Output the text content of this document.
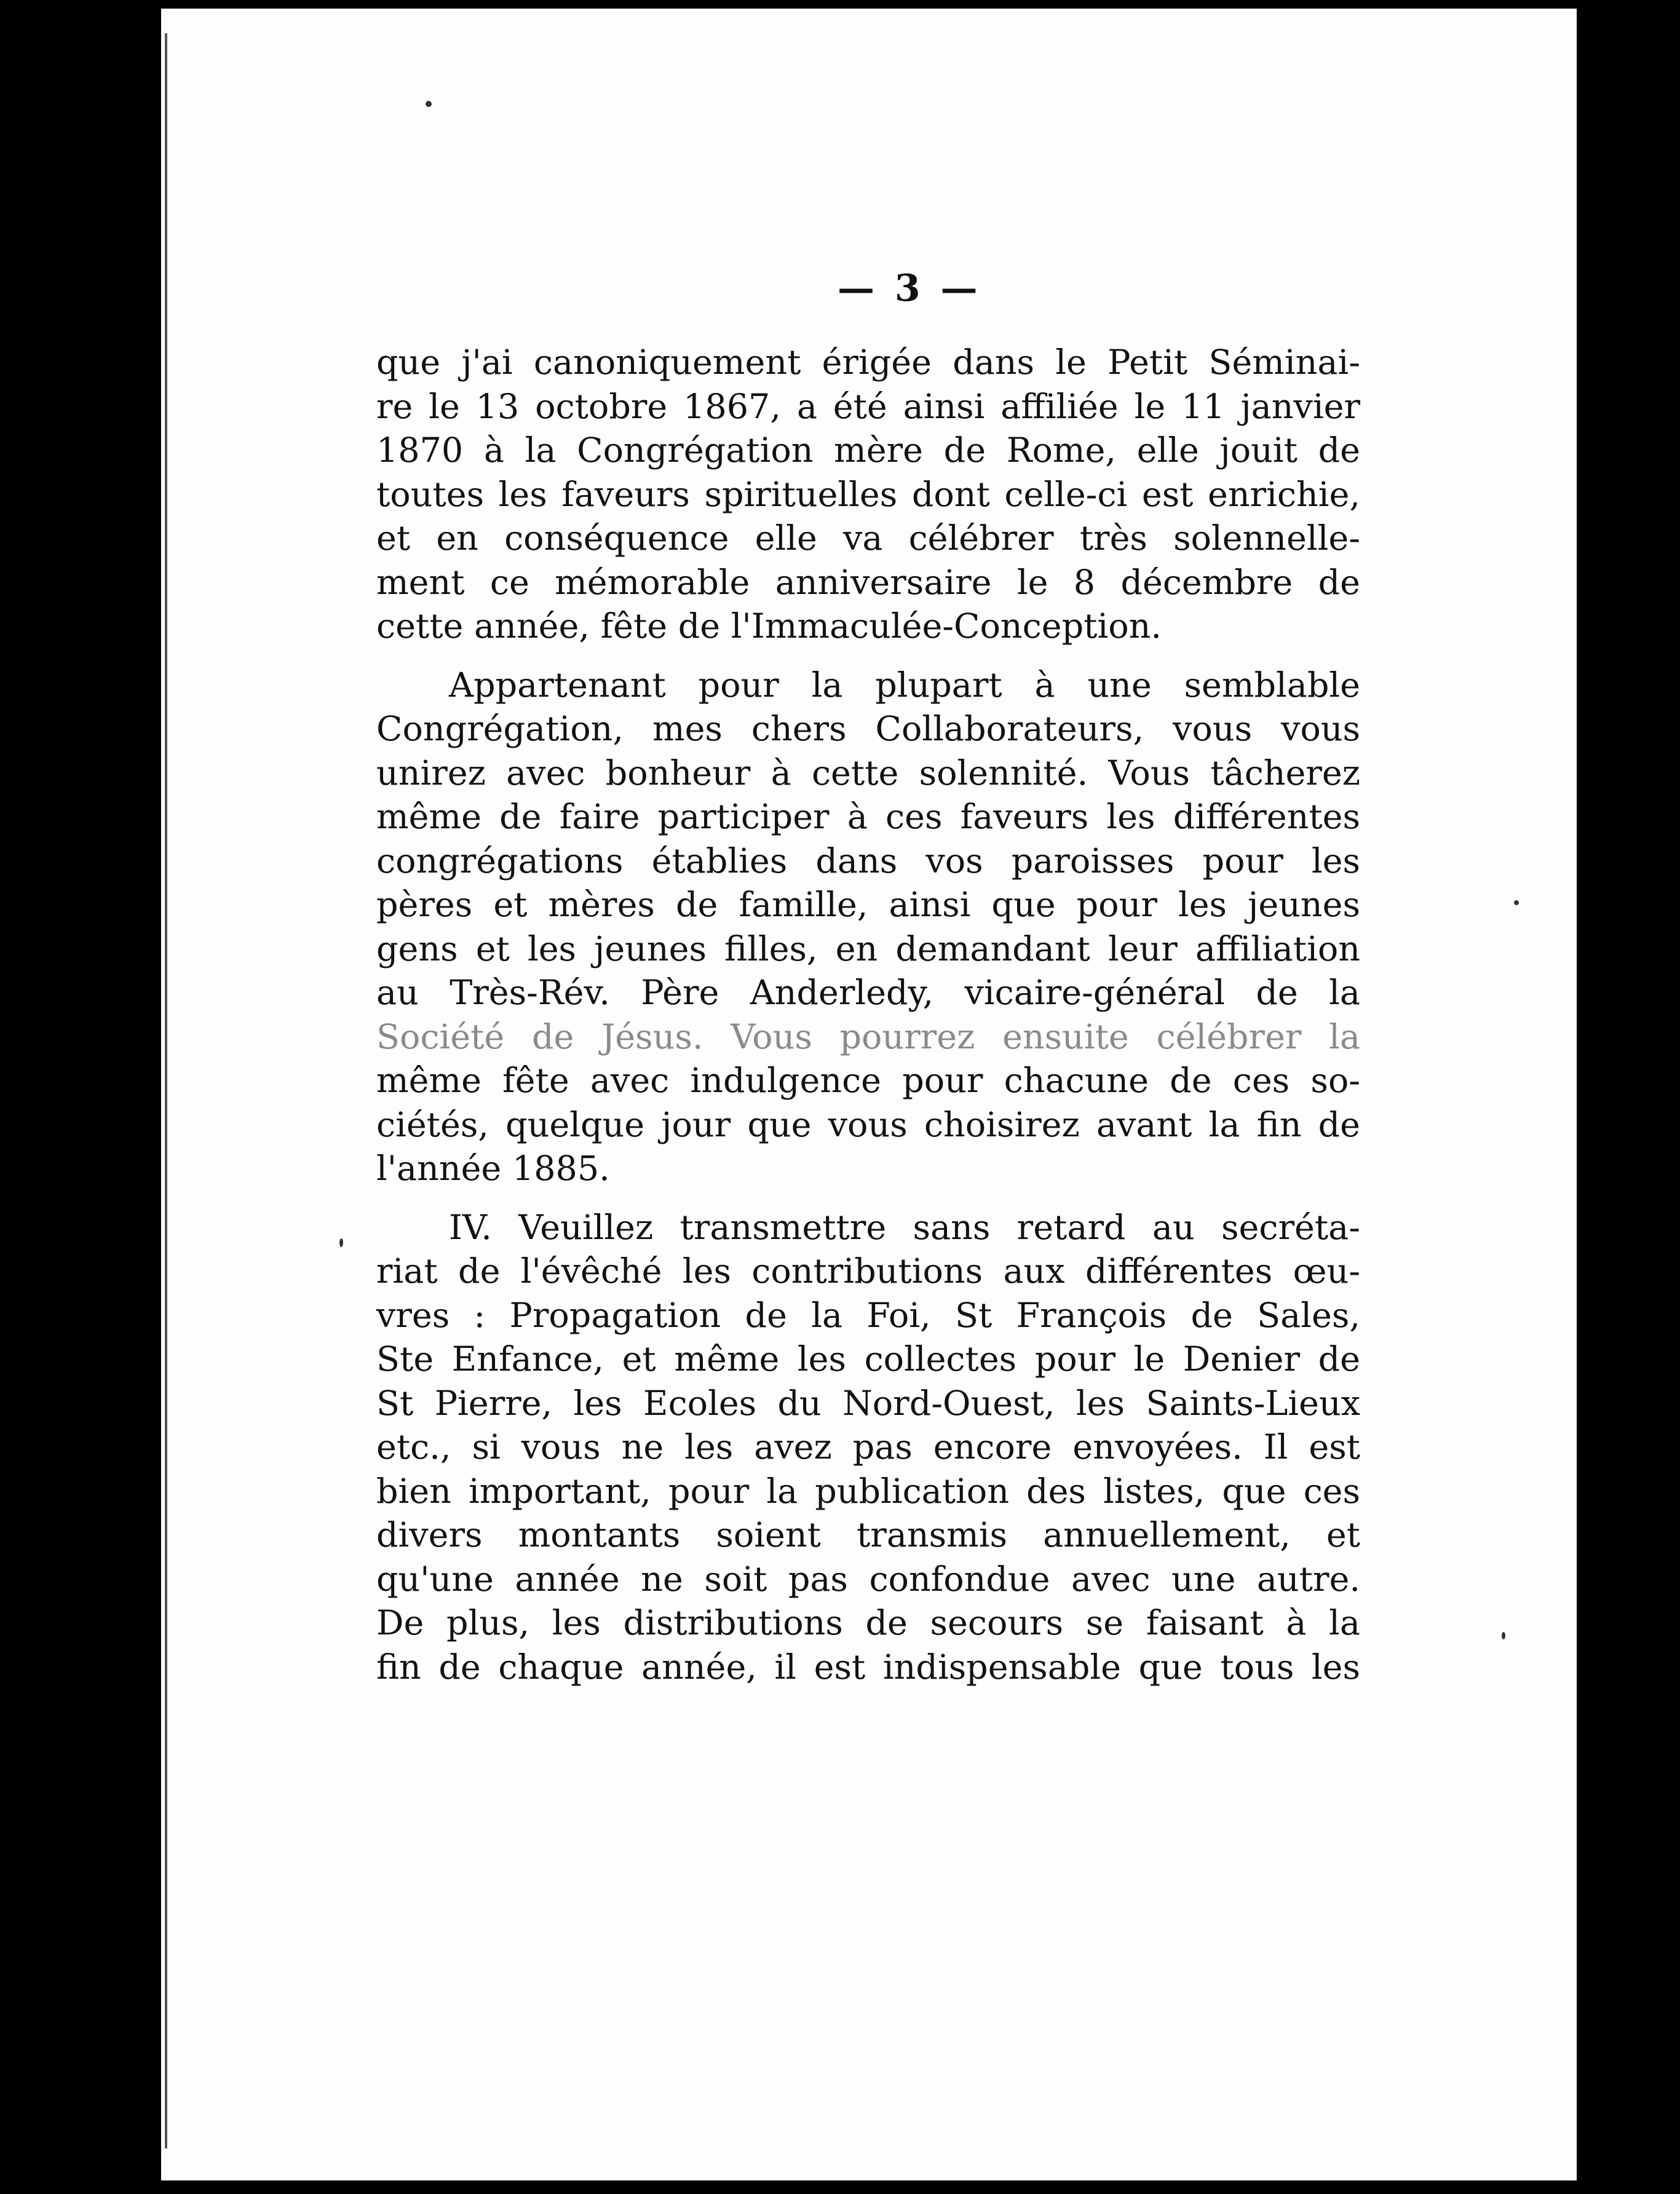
— 3 —
que j'ai canoniquement érigée dans le Petit Séminai-
re le 13 octobre 1867, a été ainsi affiliée le 11 janvier
1870 à la Congrégation mère de Rome, elle jouit de
toutes les faveurs spirituelles dont celle-ci est enrichie,
et en conséquence elle va célébrer très solennelle-
ment ce mémorable anniversaire le 8 décembre de
cette année, fête de l'Immaculée-Conception.
Appartenant pour la plupart à une semblable
Congrégation, mes chers Collaborateurs, vous vous
unirez avec bonheur à cette solennité. Vous tâcherez
même de faire participer à ces faveurs les différentes
congrégations établies dans vos paroisses pour les
pères et mères de famille, ainsi que pour les jeunes
gens et les jeunes filles, en demandant leur affiliation
au Très-Rév. Père Anderledy, vicaire-général de la
Société de Jésus. Vous pourrez ensuite célébrer la
même fête avec indulgence pour chacune de ces so-
ciétés, quelque jour que vous choisirez avant la fin de
l'année 1885.
IV. Veuillez transmettre sans retard au secréta-
riat de l'évêché les contributions aux différentes œu-
vres : Propagation de la Foi, St François de Sales,
Ste Enfance, et même les collectes pour le Denier de
St Pierre, les Ecoles du Nord-Ouest, les Saints-Lieux
etc., si vous ne les avez pas encore envoyées. Il est
bien important, pour la publication des listes, que ces
divers montants soient transmis annuellement, et
qu'une année ne soit pas confondue avec une autre.
De plus, les distributions de secours se faisant à la
fin de chaque année, il est indispensable que tous les
